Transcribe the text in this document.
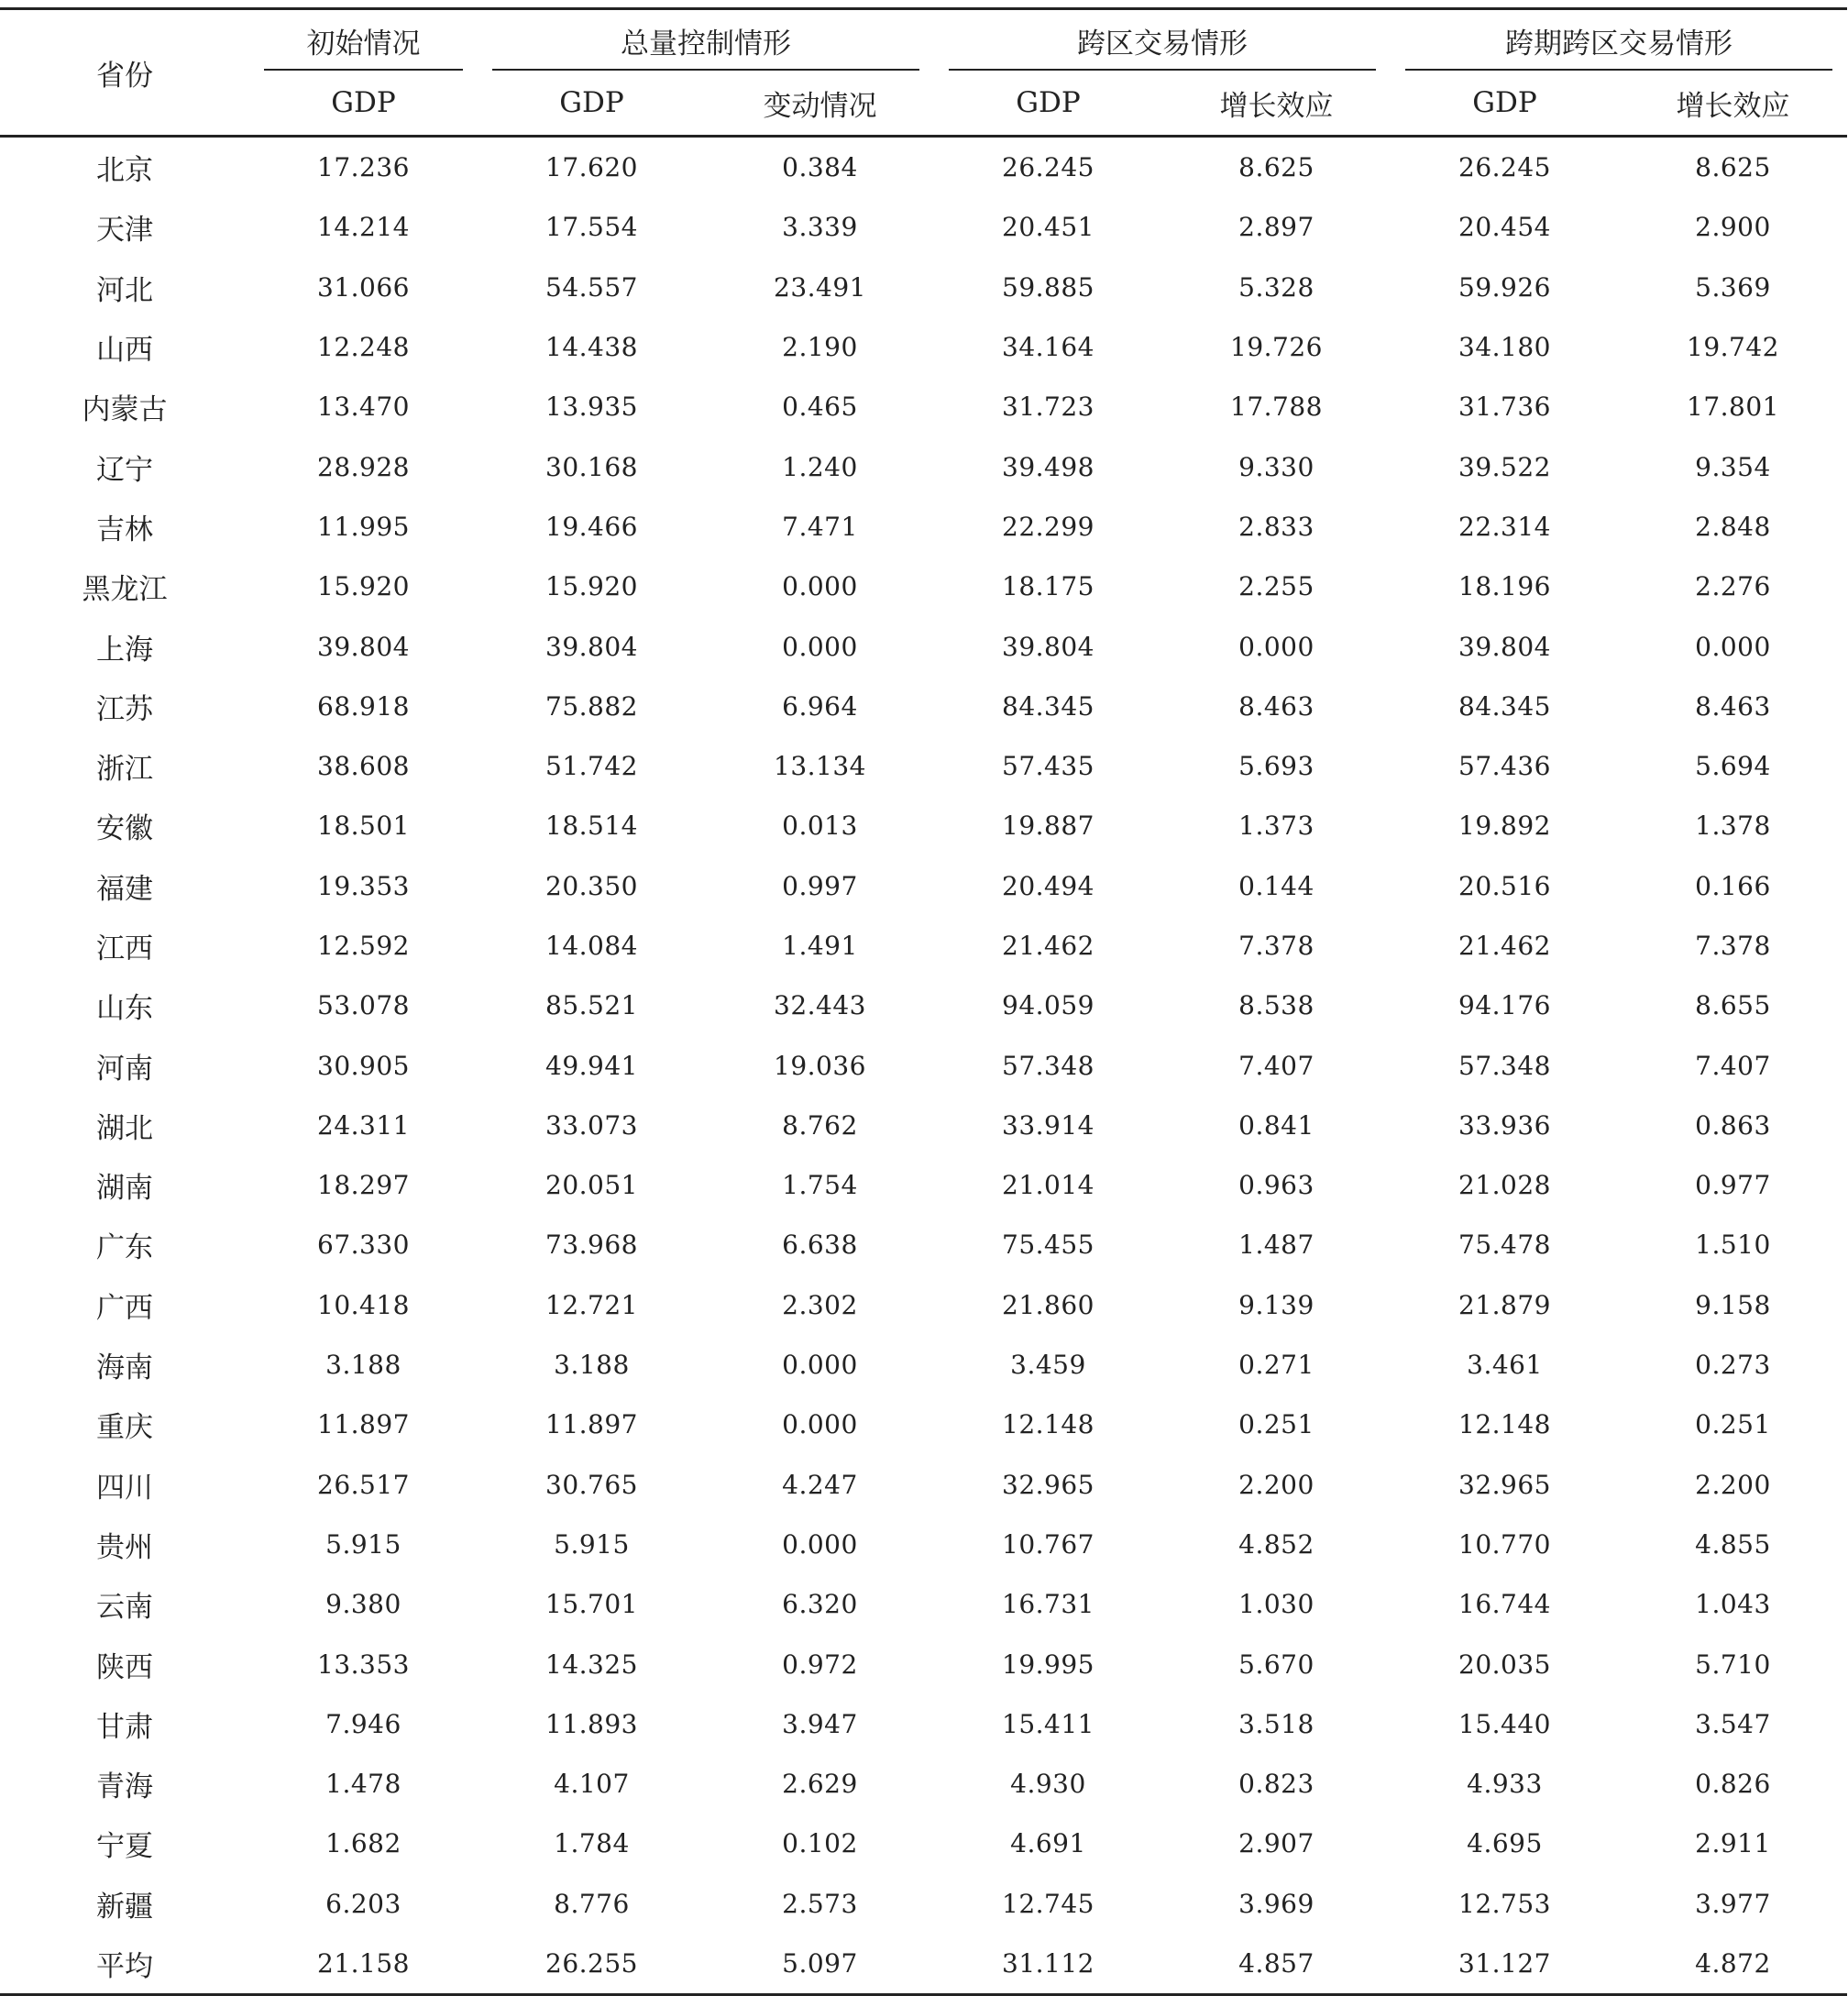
省份	初始情况	总量控制情形		跨区交易情形		跨期跨区交易情形	

	GDP	GDP	变动情况	GDP	增长效应	GDP	增长效应
北京	17.236	17.620	0.384	26.245	8.625	26.245	8.625
天津	14.214	17.554	3.339	20.451	2.897	20.454	2.900
河北	31.066	54.557	23.491	59.885	5.328	59.926	5.369
山西	12.248	14.438	2.190	34.164	19.726	34.180	19.742
内蒙古	13.470	13.935	0.465	31.723	17.788	31.736	17.801
辽宁	28.928	30.168	1.240	39.498	9.330	39.522	9.354
吉林	11.995	19.466	7.471	22.299	2.833	22.314	2.848
黑龙江	15.920	15.920	0.000	18.175	2.255	18.196	2.276
上海	39.804	39.804	0.000	39.804	0.000	39.804	0.000
江苏	68.918	75.882	6.964	84.345	8.463	84.345	8.463
浙江	38.608	51.742	13.134	57.435	5.693	57.436	5.694
安徽	18.501	18.514	0.013	19.887	1.373	19.892	1.378
福建	19.353	20.350	0.997	20.494	0.144	20.516	0.166
江西	12.592	14.084	1.491	21.462	7.378	21.462	7.378
山东	53.078	85.521	32.443	94.059	8.538	94.176	8.655
河南	30.905	49.941	19.036	57.348	7.407	57.348	7.407
湖北	24.311	33.073	8.762	33.914	0.841	33.936	0.863
湖南	18.297	20.051	1.754	21.014	0.963	21.028	0.977
广东	67.330	73.968	6.638	75.455	1.487	75.478	1.510
广西	10.418	12.721	2.302	21.860	9.139	21.879	9.158
海南	3.188	3.188	0.000	3.459	0.271	3.461	0.273
重庆	11.897	11.897	0.000	12.148	0.251	12.148	0.251
四川	26.517	30.765	4.247	32.965	2.200	32.965	2.200
贵州	5.915	5.915	0.000	10.767	4.852	10.770	4.855
云南	9.380	15.701	6.320	16.731	1.030	16.744	1.043
陕西	13.353	14.325	0.972	19.995	5.670	20.035	5.710
甘肃	7.946	11.893	3.947	15.411	3.518	15.440	3.547
青海	1.478	4.107	2.629	4.930	0.823	4.933	0.826
宁夏	1.682	1.784	0.102	4.691	2.907	4.695	2.911
新疆	6.203	8.776	2.573	12.745	3.969	12.753	3.977
平均	21.158	26.255	5.097	31.112	4.857	31.127	4.872
